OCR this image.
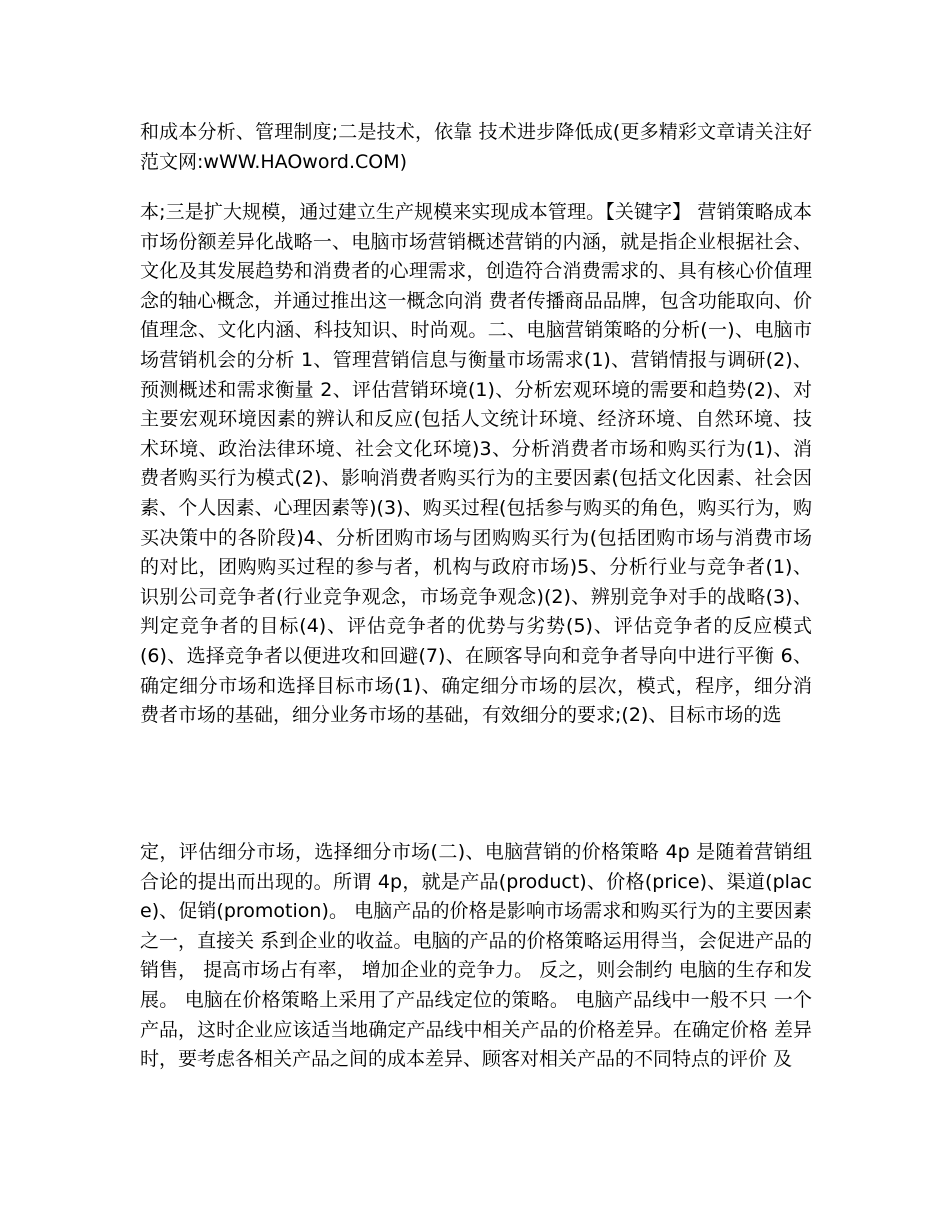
和成本分析、管理制度;二是技术，依靠 技术进步降低成(更多精彩文章请关注好 范文网:wWW.HAOword.COM)

本;三是扩大规模，通过建立生产规模来实现成本管理。【关键字】 营销策略成本市场份额差异化战略一、电脑市场营销概述营销的内涵，就是指企业根据社会、文化及其发展趋势和消费者的心理需求，创造符合消费需求的、具有核心价值理念的轴心概念，并通过推出这一概念向消 费者传播商品品牌，包含功能取向、价值理念、文化内涵、科技知识、时尚观。二、电脑营销策略的分析(一)、电脑市场营销机会的分析 1、管理营销信息与衡量市场需求(1)、营销情报与调研(2)、预测概述和需求衡量 2、评估营销环境(1)、分析宏观环境的需要和趋势(2)、对主要宏观环境因素的辨认和反应(包括人文统计环境、经济环境、自然环境、技术环境、政治法律环境、社会文化环境)3、分析消费者市场和购买行为(1)、消费者购买行为模式(2)、影响消费者购买行为的主要因素(包括文化因素、社会因素、个人因素、心理因素等)(3)、购买过程(包括参与购买的角色，购买行为，购买决策中的各阶段)4、分析团购市场与团购购买行为(包括团购市场与消费市场的对比，团购购买过程的参与者，机构与政府市场)5、分析行业与竞争者(1)、识别公司竞争者(行业竞争观念，市场竞争观念)(2)、辨别竞争对手的战略(3)、判定竞争者的目标(4)、评估竞争者的优势与劣势(5)、评估竞争者的反应模式(6)、选择竞争者以便进攻和回避(7)、在顾客导向和竞争者导向中进行平衡 6、确定细分市场和选择目标市场(1)、确定细分市场的层次，模式，程序，细分消费者市场的基础，细分业务市场的基础，有效细分的要求;(2)、目标市场的选

定，评估细分市场，选择细分市场(二)、电脑营销的价格策略 4p 是随着营销组合论的提出而出现的。所谓 4p，就是产品(product)、价格(price)、渠道(place)、促销(promotion)。 电脑产品的价格是影响市场需求和购买行为的主要因素之一，直接关 系到企业的收益。电脑的产品的价格策略运用得当，会促进产品的销售， 提高市场占有率， 增加企业的竞争力。 反之，则会制约 电脑的生存和发展。 电脑在价格策略上采用了产品线定位的策略。 电脑产品线中一般不只 一个产品，这时企业应该适当地确定产品线中相关产品的价格差异。在确定价格 差异时，要考虑各相关产品之间的成本差异、顾客对相关产品的不同特点的评价 及
